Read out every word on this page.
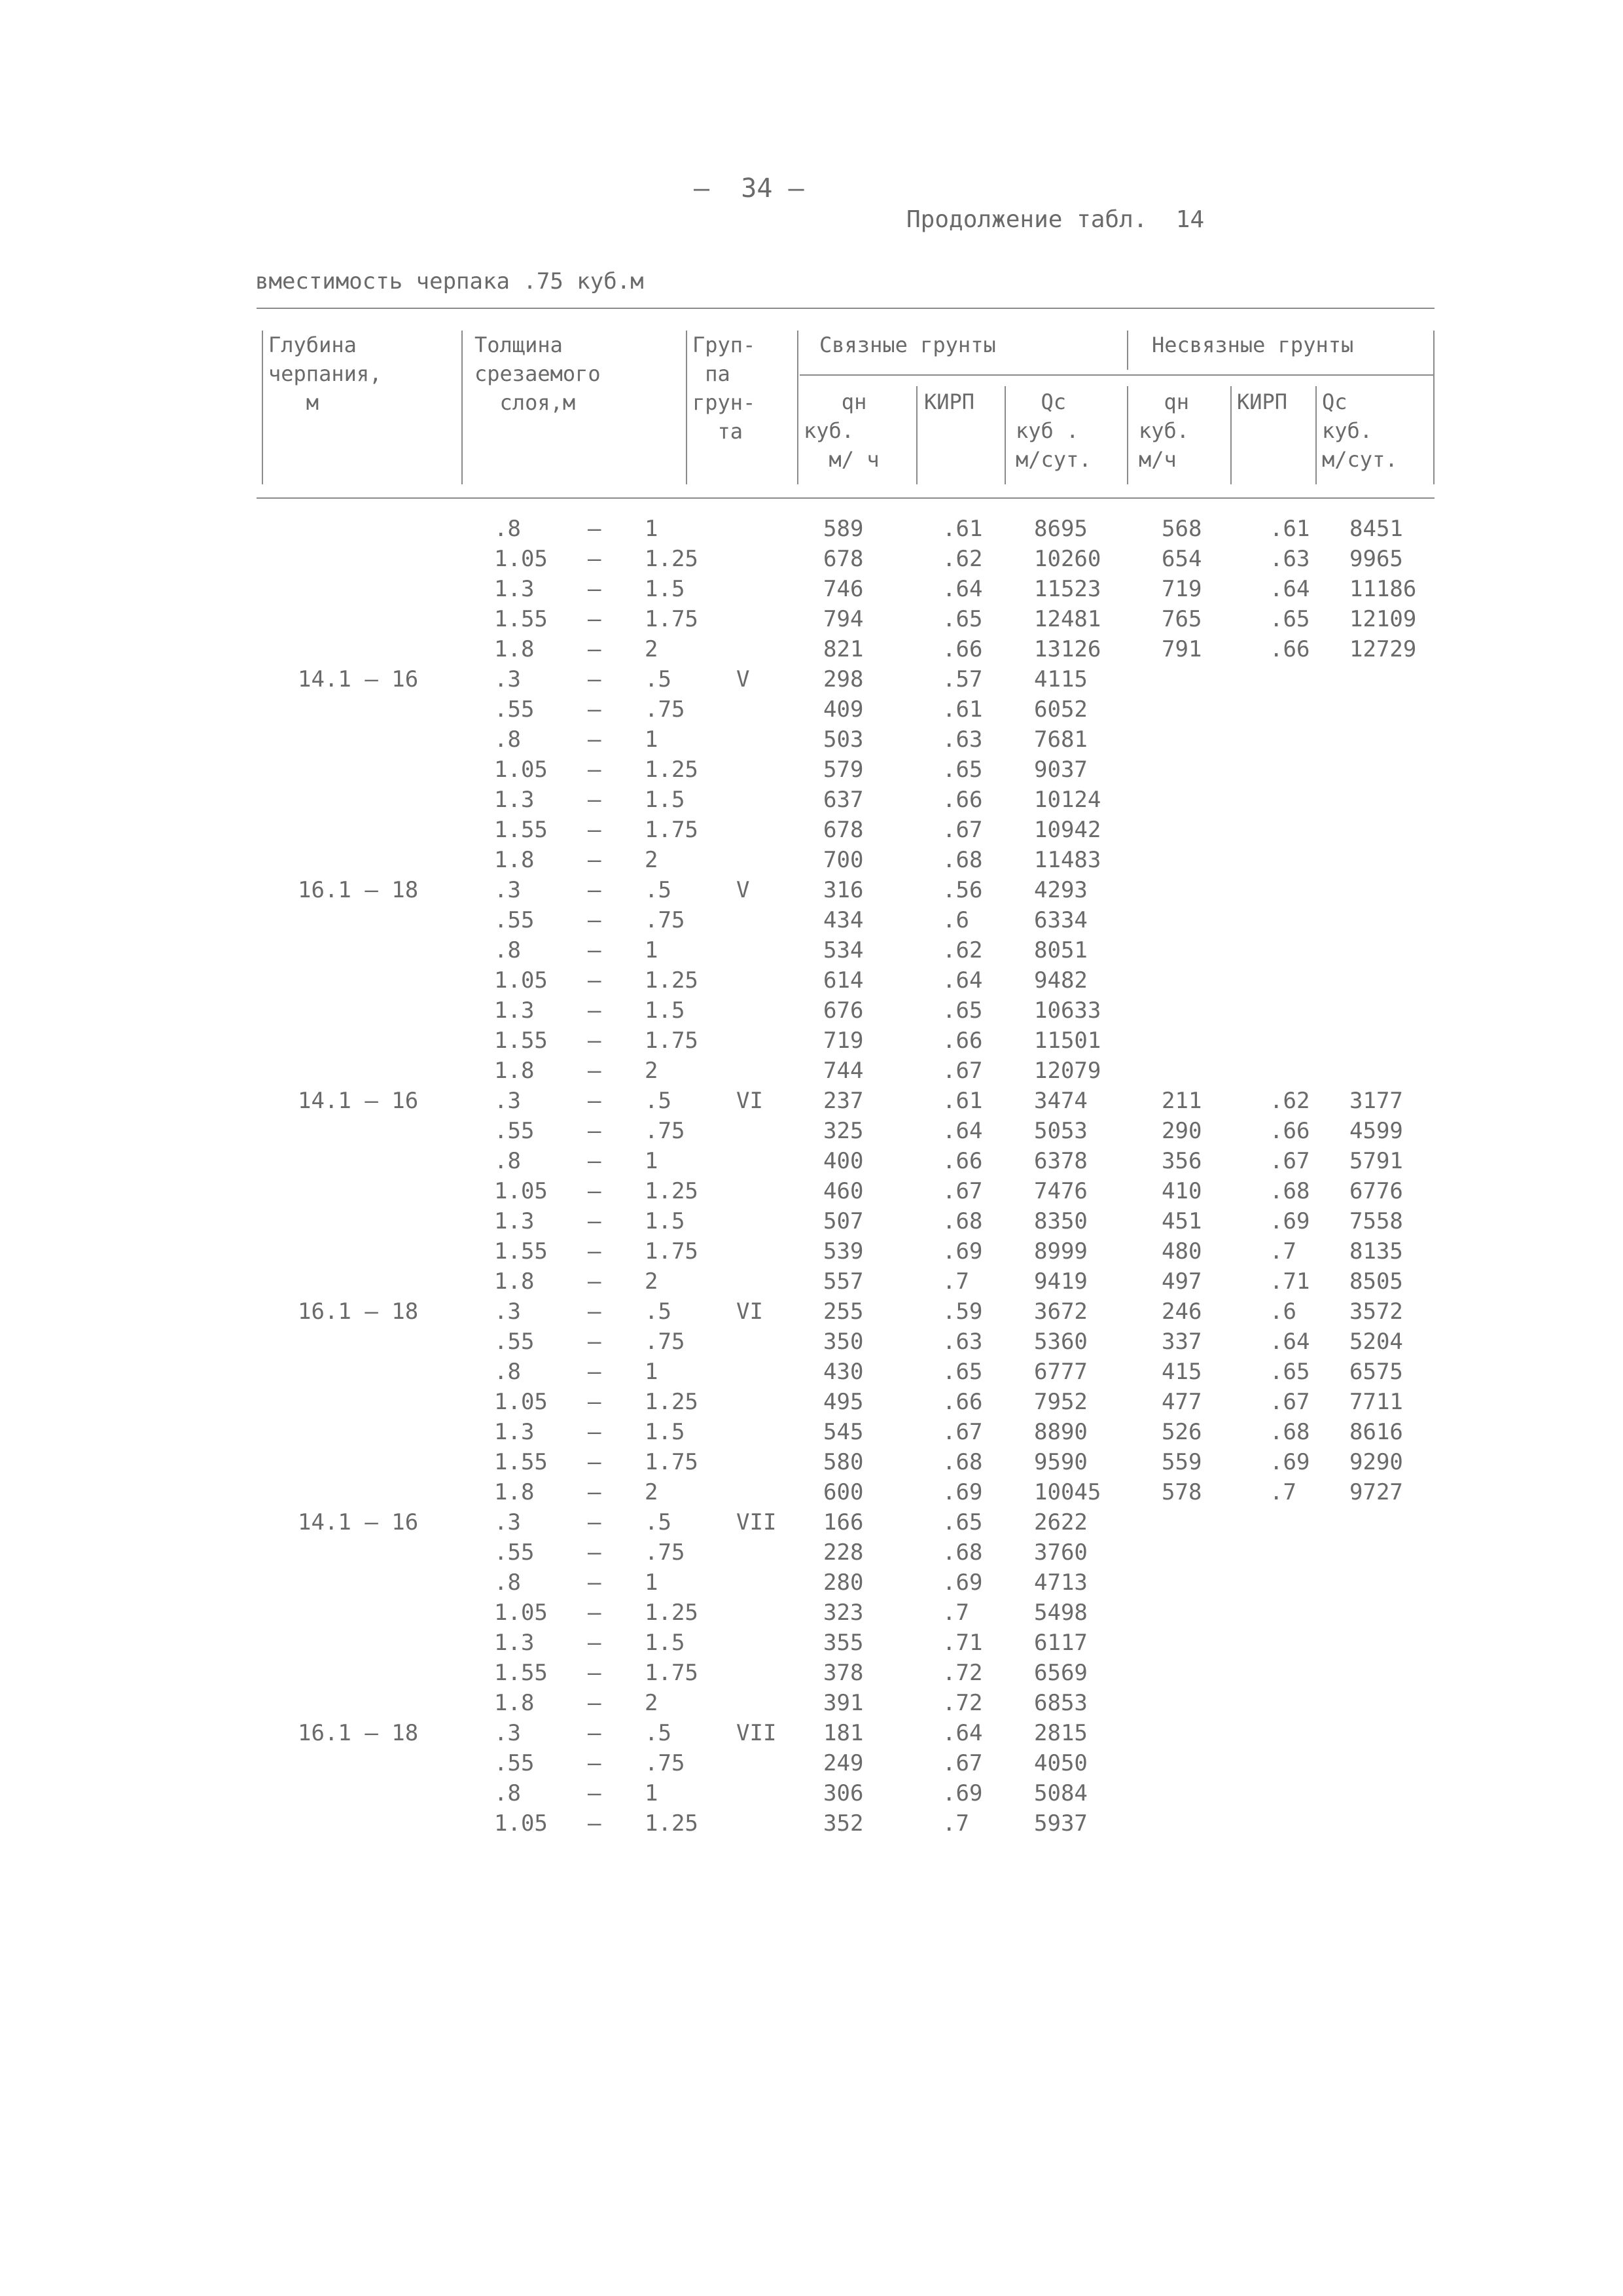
–  34 –
Продолжение табл.  14
вместимость черпака .75 куб.м
Глубина
черпания,
м
Толщина
срезаемого
слоя,м
Груп-
па
грун-
та
Связные грунты	Несвязные грунты
qн
куб.
м/ ч
КИРП	Qc
куб .
м/сут.
qн
куб.
м/ч
КИРП Qc
куб.
м/сут.
.8	– 1	589	.61 8695	568	.61 8451
1.05 – 1.25	678	.62 10260	654	.63 9965
1.3 – 1.5	746	.64 11523	719	.64 11186
1.55 – 1.75	794	.65 12481	765	.65 12109
1.8 – 2	821	.66 13126	791	.66 12729
14.1 – 16	.3	– .5	V	298	.57 4115
.55 – .75	409	.61 6052
.8	– 1	503	.63 7681
1.05 – 1.25	579	.65 9037
1.3 – 1.5	637	.66 10124
1.55 – 1.75	678	.67 10942
1.8 – 2	700	.68 11483
16.1 – 18	.3	– .5	V	316	.56 4293
.55 – .75	434	.6	6334
.8	– 1	534	.62 8051
1.05 – 1.25	614	.64 9482
1.3 – 1.5	676	.65 10633
1.55 – 1.75	719	.66 11501
1.8 – 2	744	.67 12079
14.1 – 16	.3	– .5	VI	237	.61 3474	211	.62 3177
.55 – .75	325	.64 5053	290	.66 4599
.8	– 1	400	.66 6378	356	.67 5791
1.05 – 1.25	460	.67 7476	410	.68 6776
1.3 – 1.5	507	.68 8350	451	.69 7558
1.55 – 1.75	539	.69 8999	480	.7 8135
1.8 – 2	557	.7	9419	497	.71 8505
16.1 – 18	.3	– .5	VI	255	.59 3672	246	.6 3572
.55 – .75	350	.63 5360	337	.64 5204
.8	– 1	430	.65 6777	415	.65 6575
1.05 – 1.25	495	.66 7952	477	.67 7711
1.3 – 1.5	545	.67 8890	526	.68 8616
1.55 – 1.75	580	.68 9590	559	.69 9290
1.8 – 2	600	.69 10045	578	.7 9727
14.1 – 16	.3	– .5	VII 166	.65 2622
.55 – .75	228	.68 3760
.8	– 1	280	.69 4713
1.05 – 1.25	323	.7	5498
1.3 – 1.5	355	.71 6117
1.55 – 1.75	378	.72 6569
1.8 – 2	391	.72 6853
16.1 – 18	.3	– .5	VII 181	.64 2815
.55 – .75	249	.67 4050
.8	– 1	306	.69 5084
1.05 – 1.25	352	.7	5937
